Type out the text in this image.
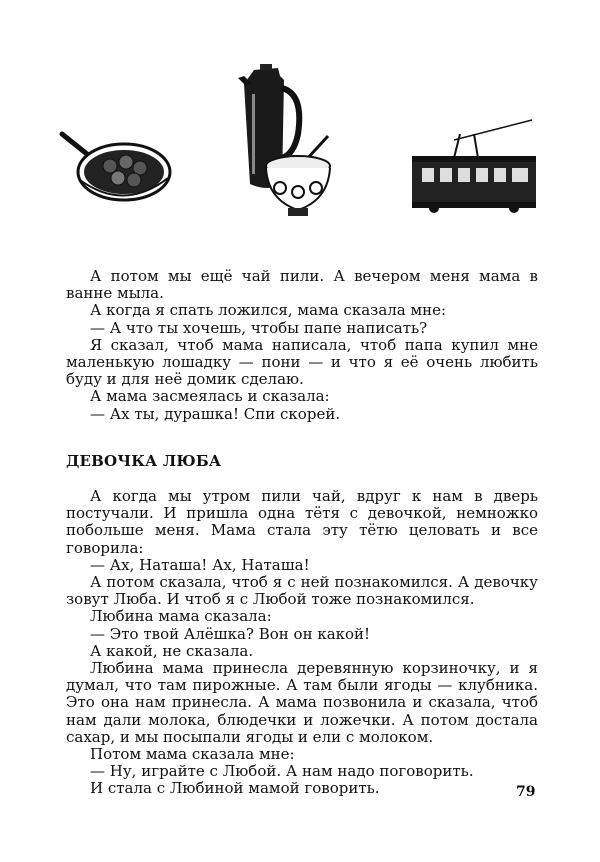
А потом мы ещё чай пили. А вечером меня мама в ванне мыла.

А когда я спать ложился, мама сказала мне:

— А что ты хочешь, чтобы папе написать?

Я сказал, чтоб мама написала, чтоб папа купил мне маленькую лошадку — пони — и что я её очень любить буду и для неё домик сделаю.

А мама засмеялась и сказала:

— Ах ты, дурашка! Спи скорей.

ДЕВОЧКА ЛЮБА

А когда мы утром пили чай, вдруг к нам в дверь постучали. И пришла одна тётя с девочкой, немножко побольше меня. Мама стала эту тётю целовать и все говорила:

— Ах, Наташа! Ах, Наташа!

А потом сказала, чтоб я с ней познакомился. А девочку зовут Люба. И чтоб я с Любой тоже познакомился.

Любина мама сказала:

— Это твой Алёшка? Вон он какой!

А какой, не сказала.

Любина мама принесла деревянную корзиночку, и я думал, что там пирожные. А там были ягоды — клубника. Это она нам принесла. А мама позвонила и сказала, чтоб нам дали молока, блюдечки и ложечки. А потом достала сахар, и мы посыпали ягоды и ели с молоком.

Потом мама сказала мне:

— Ну, играйте с Любой. А нам надо поговорить.

И стала с Любиной мамой говорить.	79
